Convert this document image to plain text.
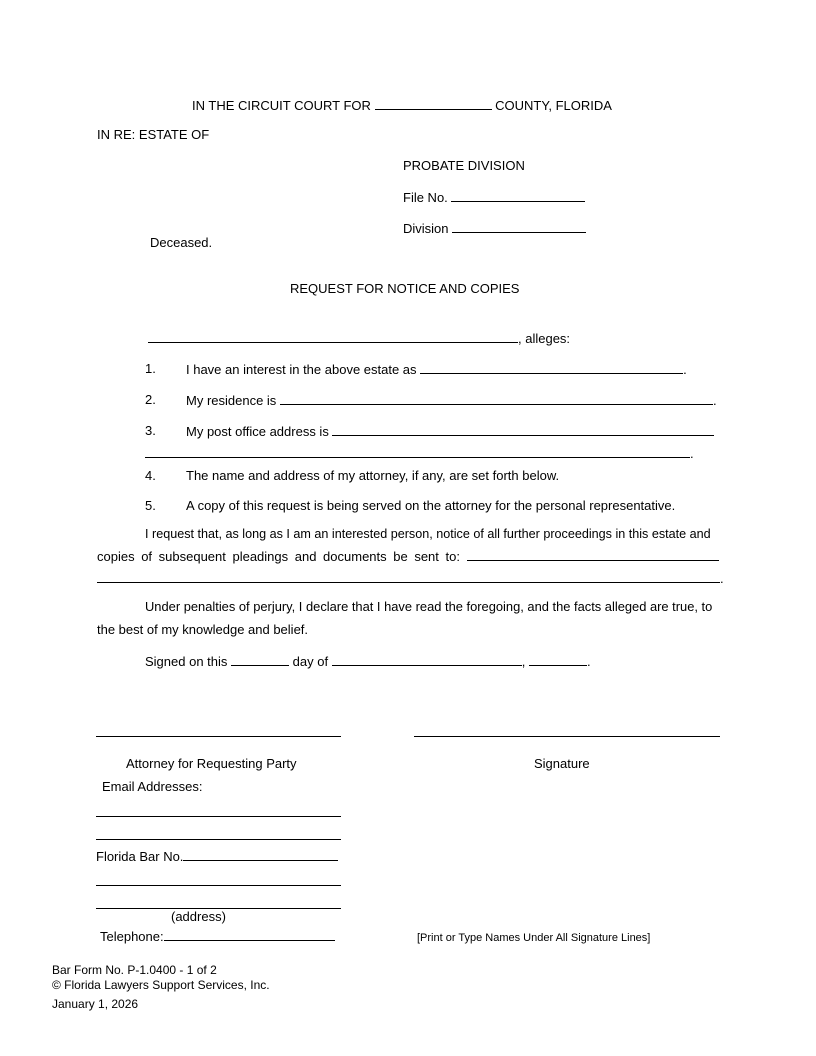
IN THE CIRCUIT COURT FOR	COUNTY, FLORIDA
IN RE: ESTATE OF
PROBATE DIVISION
File No.
Division
Deceased.
REQUEST FOR NOTICE AND COPIES
, alleges:
1. I have an interest in the above estate as	.
2. My residence is	.
3. My post office address is
.
4. The name and address of my attorney, if any, are set forth below.
5. A copy of this request is being served on the attorney for the personal representative.
I request that, as long as I am an interested person, notice of all further proceedings in this estate and
copies of subsequent pleadings and documents be sent to:
.
Under penalties of perjury, I declare that I have read the foregoing, and the facts alleged are true, to
the best of my knowledge and belief.
Signed on this	day of	,	.
Attorney for Requesting Party	Signature
Email Addresses:
Florida Bar No.
(address)
Telephone:	[Print or Type Names Under All Signature Lines]
Bar Form No. P-1.0400 - 1 of 2
© Florida Lawyers Support Services, Inc.
January 1, 2026
